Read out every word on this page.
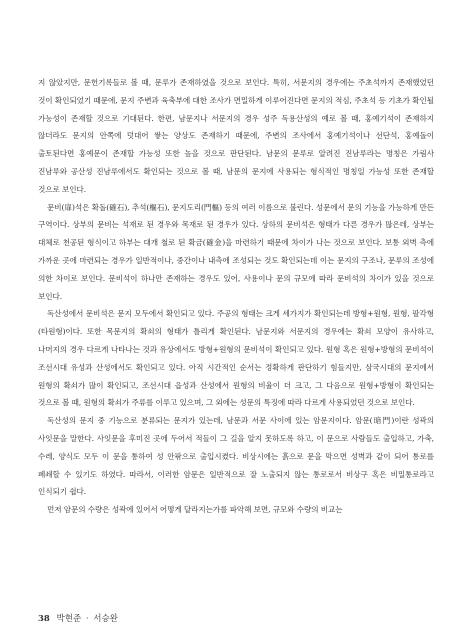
지 않았지만, 문헌기록들로 볼 때, 문루가 존재하였을 것으로 보인다. 특히, 서문지의 경우에는 주초석까지 존재했었던 것이 확인되었기 때문에, 문지 주변과 육축부에 대한 조사가 면밀하게 이루어진다면 문지의 적심, 주초석 등 기초가 확인될 가능성이 존재할 것으로 기대된다. 한편, 남문지나 서문지의 경우 성주 독용산성의 예로 볼 때, 홍예기석이 존재하지 않더라도 문지의 안쪽에 덧대어 쌓는 양상도 존재하기 때문에, 주변의 조사에서 홍예기석이나 선단석, 홍예돌이 출토된다면 홍예문이 존재할 가능성 또한 높을 것으로 판단된다. 남문의 문루로 알려진 진남루라는 명칭은 가림사 진남루와 공산성 진남루에서도 확인되는 것으로 볼 때, 남문의 문지에 사용되는 형식적인 명칭일 가능성 또한 존재할 것으로 보인다.

문비(扉)석은 확돌(確石), 추석(樞石), 문지도리(門樞) 등의 여러 이름으로 불린다. 성문에서 문의 기능을 가능하게 만든 구역이다. 상부의 문비는 석재로 된 경우와 목재로 된 경우가 있다. 상하의 문비석은 형태가 다른 경우가 많은데, 상부는 대체로 천공된 형식이고 하부는 대개 철로 된 확금(確金)을 마련하기 때문에 차이가 나는 것으로 보인다. 보통 외벽 측에 가까운 곳에 마련되는 경우가 일반적이나, 중간이나 내측에 조성되는 것도 확인되는데 이는 문지의 구조나, 문루의 조성에 의한 차이로 보인다. 문비석이 하나만 존재하는 경우도 있어, 사용이나 문의 규모에 따라 문비석의 차이가 있을 것으로 보인다.

독산성에서 문비석은 문지 모두에서 확인되고 있다. 주공의 형태는 크게 세가지가 확인되는데 방형+원형, 원형, 팔각형(타원형)이다. 또한 목문지의 확쇠의 형태가 틀리게 확인된다. 남문지와 서문지의 경우에는 확쇠 모양이 유사하고, 나머지의 경우 다르게 나타나는 것과 유상에서도 방형+원형의 문비석이 확인되고 있다. 원형 혹은 원형+방형의 문비석이 조선시대 유성과 산성에서도 확인되고 있다. 아직 시간적인 순서는 정확하게 판단하기 힘들지만, 삼국시대의 문지에서 원형의 확쇠가 많이 확인되고, 조선시대 읍성과 산성에서 원형의 비율이 더 크고, 그 다음으로 원형+방형이 확인되는 것으로 볼 때, 원형의 확쇠가 주류를 이루고 있으며, 그 외에는 성문의 특징에 따라 다르게 사용되었던 것으로 보인다.

독산성의 문지 중 기능으로 분류되는 문지가 있는데, 남문과 서문 사이에 있는 암문지이다. 암문(暗門)이란 성곽의 사잇문을 말한다. 사잇문을 후미진 곳에 두어서 적들이 그 길을 알지 못하도록 하고, 이 문으로 사람들도 출입하고, 가축, 수레, 양식도 모두 이 문을 통하여 성 안팎으로 출입시켰다. 비상시에는 흙으로 문을 막으면 성벽과 같이 되어 통로를 폐쇄할 수 있기도 하였다. 따라서, 이러한 암문은 일반적으로 잘 노출되지 않는 통로로서 비상구 혹은 비밀통로라고 인식되기 쉽다.

먼저 암문의 수량은 성곽에 있어서 어떻게 달라지는가를 파악해 보면, 규모와 수량의 비교는

38 박현준 · 서승완
